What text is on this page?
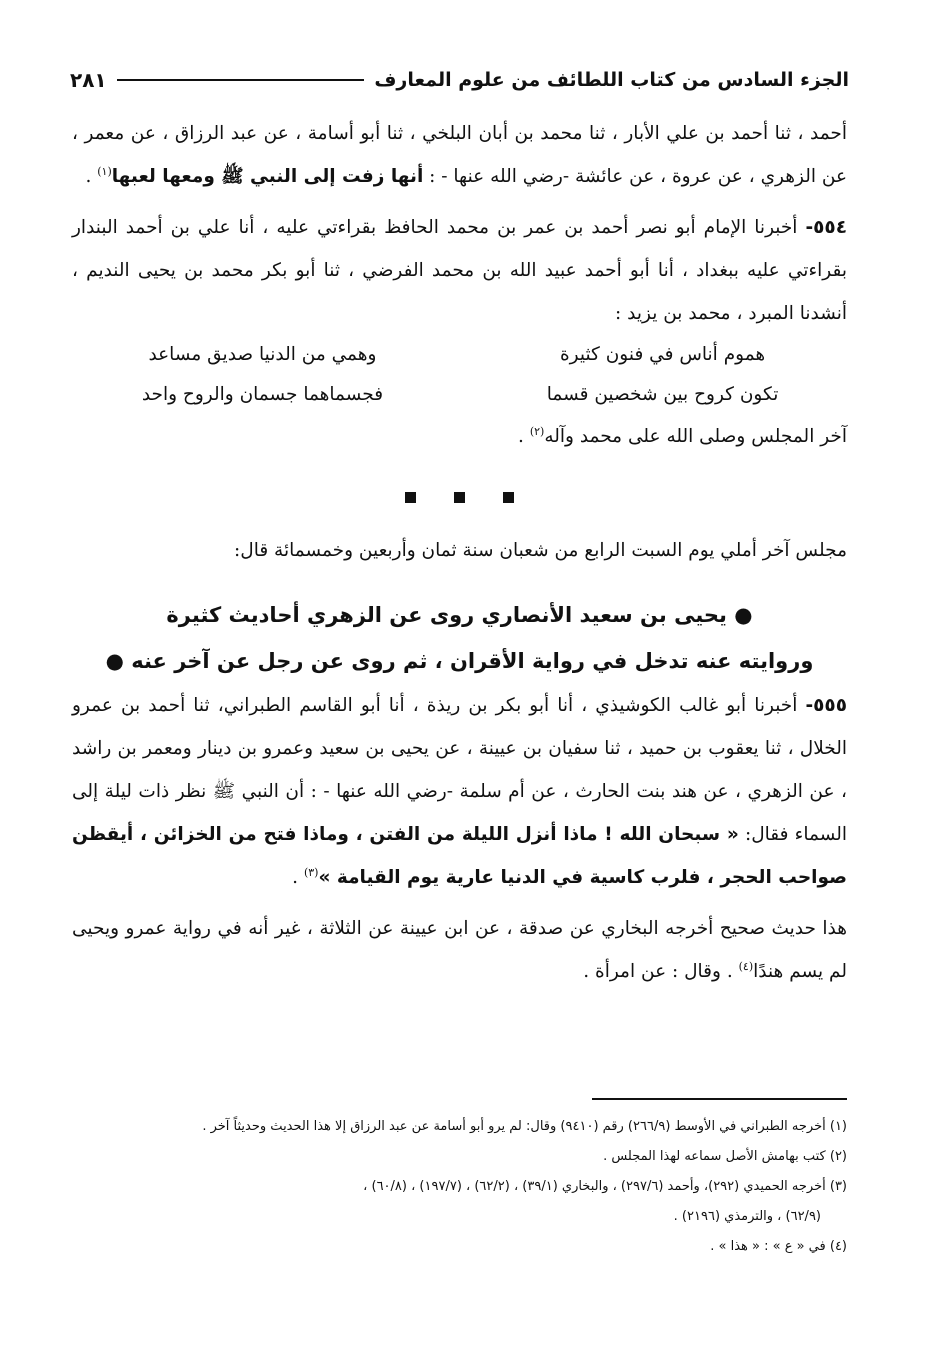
الجزء السادس من كتاب اللطائف من علوم المعارف
٢٨١

أحمد ، ثنا أحمد بن علي الأبار ، ثنا محمد بن أبان البلخي ، ثنا أبو أسامة ، عن عبد الرزاق ، عن معمر ، عن الزهري ، عن عروة ، عن عائشة -رضي الله عنها - : أنها زفت إلى النبي ﷺ ومعها لعبها$^{(١)}$ .

٥٥٤- أخبرنا الإمام أبو نصر أحمد بن عمر بن محمد الحافظ بقراءتي عليه ، أنا علي بن أحمد البندار بقراءتي عليه ببغداد ، أنا أبو أحمد عبيد الله بن محمد الفرضي ، ثنا أبو بكر محمد بن يحيى النديم ، أنشدنا المبرد ، محمد بن يزيد :

هموم أناس في فنون كثيرة
وهمي من الدنيا صديق مساعد
تكون كروح بين شخصين قسما
فجسماهما جسمان والروح واحد

آخر المجلس وصلى الله على محمد وآله$^{(٢)}$ .

مجلس آخر أملي يوم السبت الرابع من شعبان سنة ثمان وأربعين وخمسمائة قال:

● يحيى بن سعيد الأنصاري روى عن الزهري أحاديث كثيرة

وروايته عنه تدخل في رواية الأقران ، ثم روى عن رجل عن آخر عنه ●

٥٥٥- أخبرنا أبو غالب الكوشيذي ، أنا أبو بكر بن ريذة ، أنا أبو القاسم الطبراني، ثنا أحمد بن عمرو الخلال ، ثنا يعقوب بن حميد ، ثنا سفيان بن عيينة ، عن يحيى بن سعيد وعمرو بن دينار ومعمر بن راشد ، عن الزهري ، عن هند بنت الحارث ، عن أم سلمة -رضي الله عنها - : أن النبي ﷺ نظر ذات ليلة إلى السماء فقال: « سبحان الله ! ماذا أنزل الليلة من الفتن ، وماذا فتح من الخزائن ، أيقظن صواحب الحجر ، فلرب كاسية في الدنيا عارية يوم القيامة »$^{(٣)}$ .

هذا حديث صحيح أخرجه البخاري عن صدقة ، عن ابن عيينة عن الثلاثة ، غير أنه في رواية عمرو ويحيى لم يسم هندًا$^{(٤)}$ . وقال : عن امرأة .

(١) أخرجه الطبراني في الأوسط (٢٦٦/٩) رقم (٩٤١٠) وقال: لم يرو أبو أسامة عن عبد الرزاق إلا هذا الحديث وحديثاً آخر .

(٢) كتب بهامش الأصل سماعه لهذا المجلس .

(٣) أخرجه الحميدي (٢٩٢)، وأحمد (٢٩٧/٦) ، والبخاري (٣٩/١) ، (٦٢/٢) ، (١٩٧/٧) ، (٦٠/٨) ،

(٦٢/٩) ، والترمذي (٢١٩٦) .

(٤) في « ع » : « هذا » .
